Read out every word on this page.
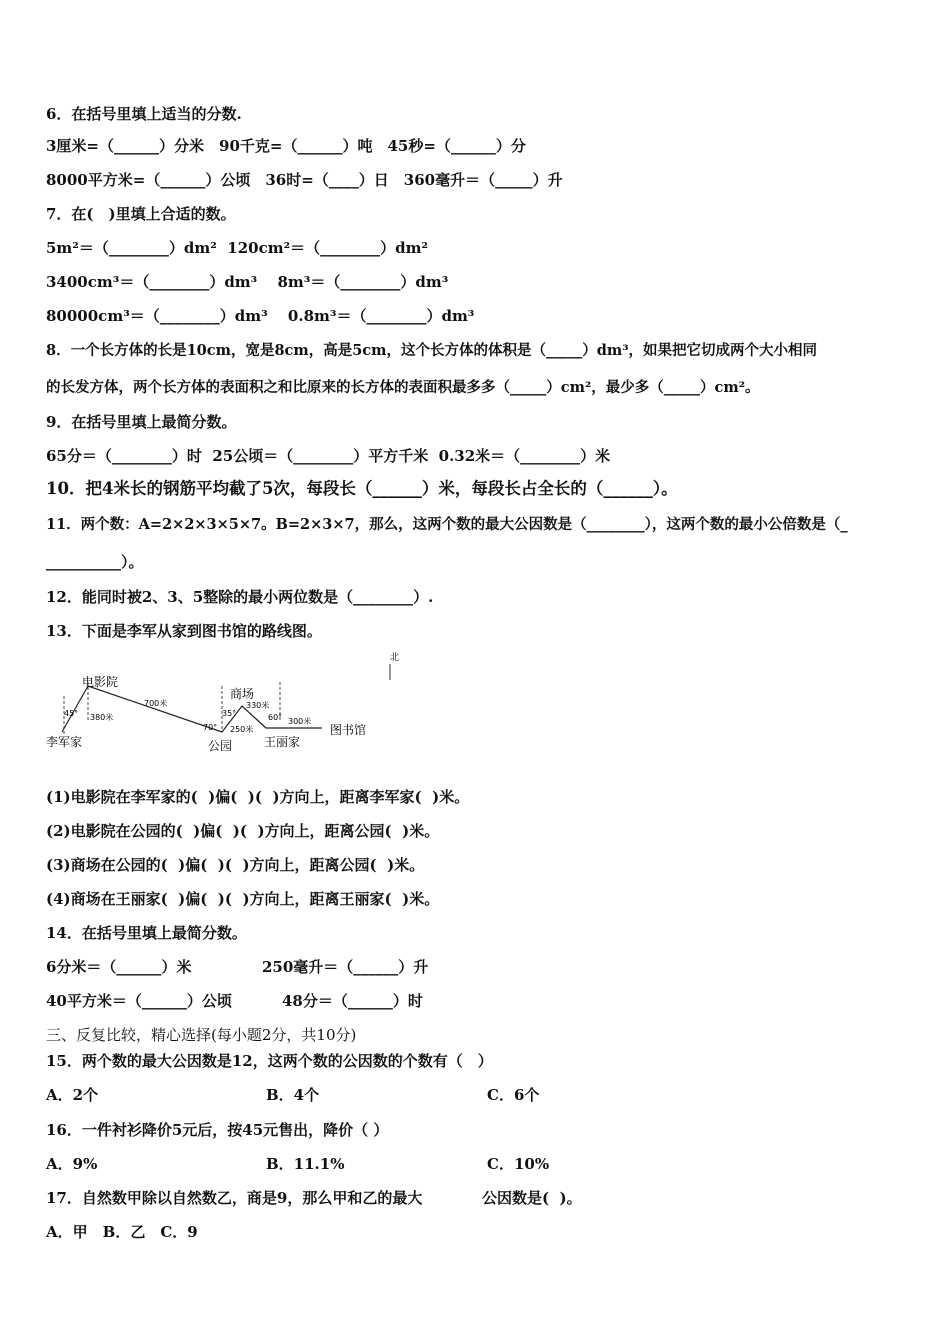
6．在括号里填上适当的分数.
3厘米=（______）分米　90千克=（______）吨　45秒=（______）分
8000平方米=（______）公顷　36时=（____）日　360毫升＝（_____）升
7．在(　)里填上合适的数。
5m²＝（________）dm²  120cm²＝（________）dm²
3400cm³＝（________）dm³　 8m³＝（________）dm³
80000cm³＝（________）dm³　 0.8m³＝（________）dm³
8．一个长方体的长是10cm，宽是8cm，高是5cm，这个长方体的体积是（_____）dm³，如果把它切成两个大小相同
的长发方体，两个长方体的表面积之和比原来的长方体的表面积最多多（_____）cm²，最少多（_____）cm²。
9．在括号里填上最简分数。
65分＝（________）时  25公顷＝（________）平方千米  0.32米＝（________）米
10．把4米长的钢筋平均截了5次，每段长（______）米，每段长占全长的（______）。
11．两个数：A=2×2×3×5×7。B=2×3×7，那么，这两个数的最大公因数是（________），这两个数的最小公倍数是（_
__________）。
12．能同时被2、3、5整除的最小两位数是（________）.
13．下面是李军从家到图书馆的路线图。
北
李军家
电影院
公园
商场
王丽家
图书馆
45°
70°
35°	60°
380米
700米
250米
330米
300米
(1)电影院在李军家的(  )偏(  )(  )方向上，距离李军家(  )米。
(2)电影院在公园的(  )偏(  )(  )方向上，距离公园(  )米。
(3)商场在公园的(  )偏(  )(  )方向上，距离公园(  )米。
(4)商场在王丽家(  )偏(  )(  )方向上，距离王丽家(  )米。
14．在括号里填上最简分数。
6分米＝（______）米	250毫升＝（______）升
40平方米＝（______）公顷	48分＝（______）时
三、反复比较，精心选择(每小题2分，共10分)
15．两个数的最大公因数是12，这两个数的公因数的个数有（　）
A．2个	B．4个	C．6个
16．一件衬衫降价5元后，按45元售出，降价（ ）
A．9%	B．11.1%	C．10%
17．自然数甲除以自然数乙，商是9，那么甲和乙的最大	公因数是(  )。
A．甲　B．乙　C．9
